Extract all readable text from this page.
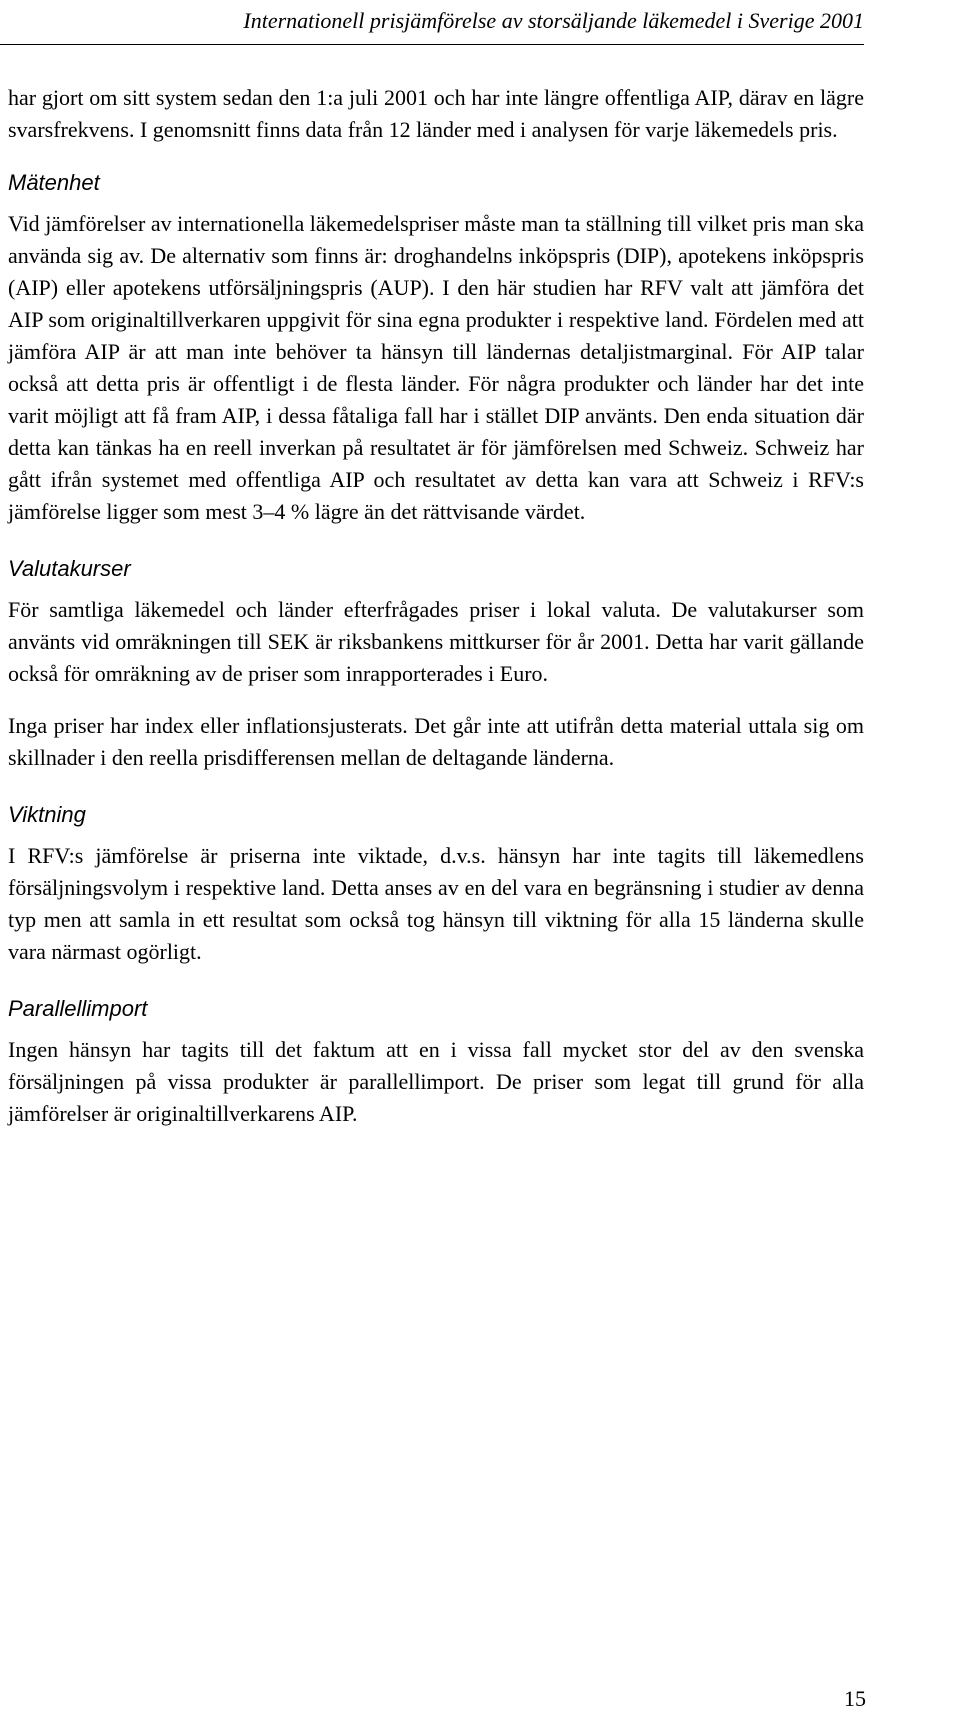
Internationell prisjämförelse av storsäljande läkemedel i Sverige 2001

har gjort om sitt system sedan den 1:a juli 2001 och har inte längre offentliga AIP, därav en lägre svarsfrekvens. I genomsnitt finns data från 12 länder med i analysen för varje läkemedels pris.

Mätenhet

Vid jämförelser av internationella läkemedelspriser måste man ta ställning till vilket pris man ska använda sig av. De alternativ som finns är: droghandelns inköpspris (DIP), apotekens inköpspris (AIP) eller apotekens utförsäljningspris (AUP). I den här studien har RFV valt att jämföra det AIP som originaltillverkaren uppgivit för sina egna produkter i respektive land. Fördelen med att jämföra AIP är att man inte behöver ta hänsyn till ländernas detaljistmarginal. För AIP talar också att detta pris är offentligt i de flesta länder. För några produkter och länder har det inte varit möjligt att få fram AIP, i dessa fåtaliga fall har i stället DIP använts. Den enda situation där detta kan tänkas ha en reell inverkan på resultatet är för jämförelsen med Schweiz. Schweiz har gått ifrån systemet med offentliga AIP och resultatet av detta kan vara att Schweiz i RFV:s jämförelse ligger som mest 3–4 % lägre än det rättvisande värdet.

Valutakurser

För samtliga läkemedel och länder efterfrågades priser i lokal valuta. De valutakurser som använts vid omräkningen till SEK är riksbankens mittkurser för år 2001. Detta har varit gällande också för omräkning av de priser som inrapporterades i Euro.

Inga priser har index eller inflationsjusterats. Det går inte att utifrån detta material uttala sig om skillnader i den reella prisdifferensen mellan de deltagande länderna.

Viktning

I RFV:s jämförelse är priserna inte viktade, d.v.s. hänsyn har inte tagits till läkemedlens försäljningsvolym i respektive land. Detta anses av en del vara en begränsning i studier av denna typ men att samla in ett resultat som också tog hänsyn till viktning för alla 15 länderna skulle vara närmast ogörligt.

Parallellimport

Ingen hänsyn har tagits till det faktum att en i vissa fall mycket stor del av den svenska försäljningen på vissa produkter är parallellimport. De priser som legat till grund för alla jämförelser är originaltillverkarens AIP.

15
